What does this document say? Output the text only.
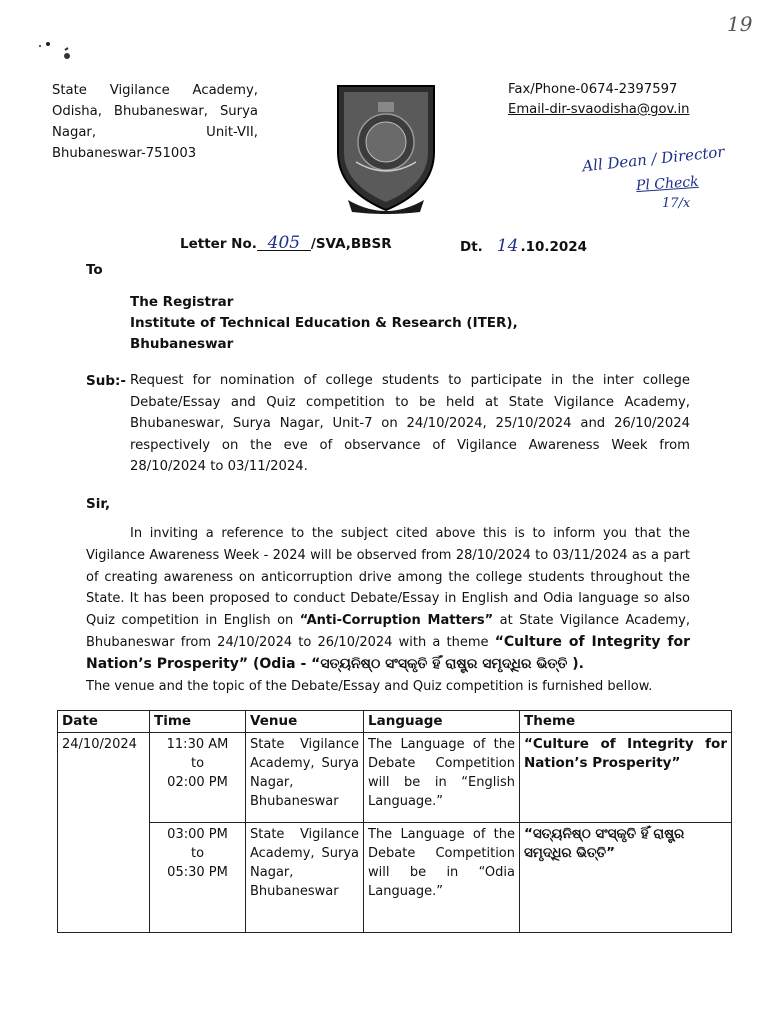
19
State Vigilance Academy,
Odisha, Bhubaneswar, Surya
Nagar,	Unit-VII,
Bhubaneswar-751003
Fax/Phone-0674-2397597
Email-dir-svaodisha@gov.in
All Dean / Director
Pl Check
17/x
Letter No. 405 /SVA,BBSR	Dt. 14 .10.2024
To
The Registrar
Institute of Technical Education & Research (ITER),
Bhubaneswar
Sub:- Request for nomination of college students to participate in the inter college Debate/Essay and Quiz competition to be held at State Vigilance Academy, Bhubaneswar, Surya Nagar, Unit-7 on 24/10/2024, 25/10/2024 and 26/10/2024 respectively on the eve of observance of Vigilance Awareness Week from 28/10/2024 to 03/11/2024.
Sir,

In inviting a reference to the subject cited above this is to inform you that the Vigilance Awareness Week - 2024 will be observed from 28/10/2024 to 03/11/2024 as a part of creating awareness on anticorruption drive among the college students throughout the State. It has been proposed to conduct Debate/Essay in English and Odia language so also Quiz competition in English on “Anti-Corruption Matters” at State Vigilance Academy, Bhubaneswar from 24/10/2024 to 26/10/2024 with a theme “Culture of Integrity for Nation’s Prosperity” (Odia - “ସତ୍ୟନିଷ୍ଠ ସଂସ୍କୃତି ହିଁ ରାଷ୍ଟ୍ର ସମୃଦ୍ଧିର ଭିତ୍ତି ).

The venue and the topic of the Debate/Essay and Quiz competition is furnished bellow.
Date	Time	Venue	Language	Theme
24/10/2024	11:30 AM
to
02:00 PM	State Vigilance Academy, Surya Nagar, Bhubaneswar	The Language of the Debate Competition will be in “English Language.”	“Culture of Integrity for Nation’s Prosperity”

	03:00 PM
to
05:30 PM	State Vigilance Academy, Surya Nagar, Bhubaneswar	The Language of the Debate Competition will be in “Odia Language.”	“ସତ୍ୟନିଷ୍ଠ ସଂସ୍କୃତି ହିଁ ରାଷ୍ଟ୍ର ସମୃଦ୍ଧିର ଭିତ୍ତି”
